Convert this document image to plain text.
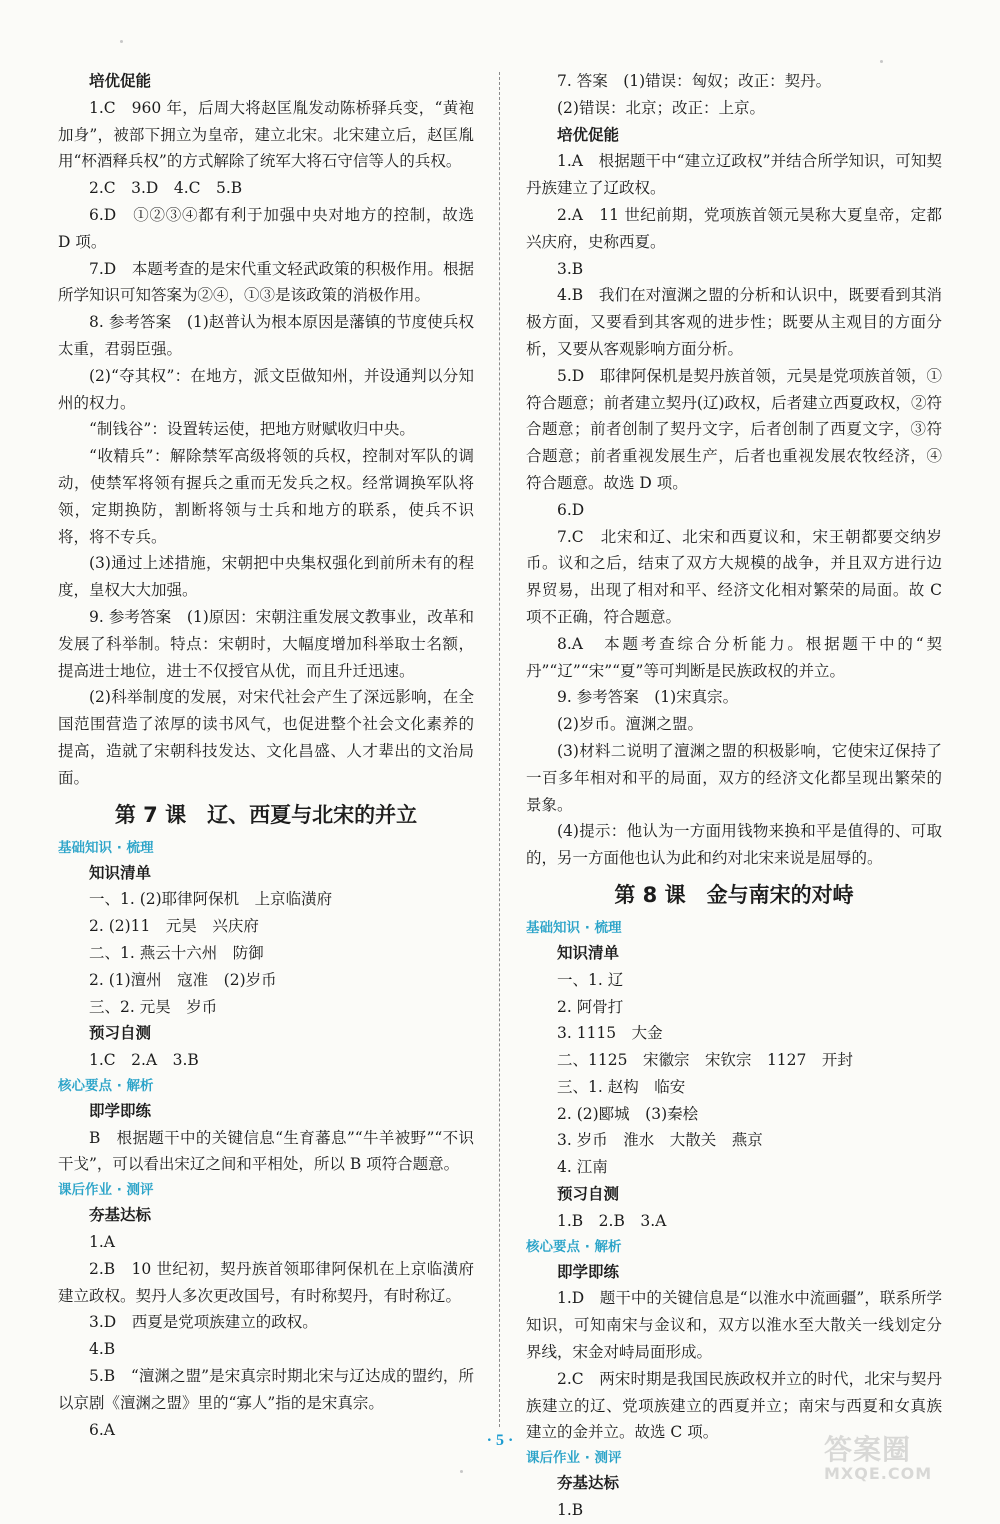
培优促能

1.C　960 年，后周大将赵匡胤发动陈桥驿兵变，“黄袍加身”，被部下拥立为皇帝，建立北宋。北宋建立后，赵匡胤用“杯酒释兵权”的方式解除了统军大将石守信等人的兵权。

2.C　3.D　4.C　5.B

6.D　①②③④都有利于加强中央对地方的控制，故选 D 项。

7.D　本题考查的是宋代重文轻武政策的积极作用。根据所学知识可知答案为②④，①③是该政策的消极作用。

8. 参考答案　(1)赵普认为根本原因是藩镇的节度使兵权太重，君弱臣强。

(2)“夺其权”：在地方，派文臣做知州，并设通判以分知州的权力。

“制钱谷”：设置转运使，把地方财赋收归中央。

“收精兵”：解除禁军高级将领的兵权，控制对军队的调动，使禁军将领有握兵之重而无发兵之权。经常调换军队将领，定期换防，割断将领与士兵和地方的联系，使兵不识将，将不专兵。

(3)通过上述措施，宋朝把中央集权强化到前所未有的程度，皇权大大加强。

9. 参考答案　(1)原因：宋朝注重发展文教事业，改革和发展了科举制。特点：宋朝时，大幅度增加科举取士名额，提高进士地位，进士不仅授官从优，而且升迁迅速。

(2)科举制度的发展，对宋代社会产生了深远影响，在全国范围营造了浓厚的读书风气，也促进整个社会文化素养的提高，造就了宋朝科技发达、文化昌盛、人才辈出的文治局面。

第 7 课　辽、西夏与北宋的并立

基础知识 · 梳理

知识清单

一、1. (2)耶律阿保机　上京临潢府

2. (2)11　元昊　兴庆府

二、1. 燕云十六州　防御

2. (1)澶州　寇准　(2)岁币

三、2. 元昊　岁币

预习自测

1.C　2.A　3.B

核心要点 · 解析

即学即练

B　根据题干中的关键信息“生育蕃息”“牛羊被野”“不识干戈”，可以看出宋辽之间和平相处，所以 B 项符合题意。

课后作业 · 测评

夯基达标

1.A

2.B　10 世纪初，契丹族首领耶律阿保机在上京临潢府建立政权。契丹人多次更改国号，有时称契丹，有时称辽。

3.D　西夏是党项族建立的政权。

4.B

5.B　“澶渊之盟”是宋真宗时期北宋与辽达成的盟约，所以京剧《澶渊之盟》里的“寡人”指的是宋真宗。

6.A

7. 答案　(1)错误：匈奴；改正：契丹。

(2)错误：北京；改正：上京。

培优促能

1.A　根据题干中“建立辽政权”并结合所学知识，可知契丹族建立了辽政权。

2.A　11 世纪前期，党项族首领元昊称大夏皇帝，定都兴庆府，史称西夏。

3.B

4.B　我们在对澶渊之盟的分析和认识中，既要看到其消极方面，又要看到其客观的进步性；既要从主观目的方面分析，又要从客观影响方面分析。

5.D　耶律阿保机是契丹族首领，元昊是党项族首领，①符合题意；前者建立契丹(辽)政权，后者建立西夏政权，②符合题意；前者创制了契丹文字，后者创制了西夏文字，③符合题意；前者重视发展生产，后者也重视发展农牧经济，④符合题意。故选 D 项。

6.D

7.C　北宋和辽、北宋和西夏议和，宋王朝都要交纳岁币。议和之后，结束了双方大规模的战争，并且双方进行边界贸易，出现了相对和平、经济文化相对繁荣的局面。故 C 项不正确，符合题意。

8.A　本题考查综合分析能力。根据题干中的“契丹”“辽”“宋”“夏”等可判断是民族政权的并立。

9. 参考答案　(1)宋真宗。

(2)岁币。澶渊之盟。

(3)材料二说明了澶渊之盟的积极影响，它使宋辽保持了一百多年相对和平的局面，双方的经济文化都呈现出繁荣的景象。

(4)提示：他认为一方面用钱物来换和平是值得的、可取的，另一方面他也认为此和约对北宋来说是屈辱的。

第 8 课　金与南宋的对峙

基础知识 · 梳理

知识清单

一、1. 辽

2. 阿骨打

3. 1115　大金

二、1125　宋徽宗　宋钦宗　1127　开封

三、1. 赵构　临安

2. (2)郾城　(3)秦桧

3. 岁币　淮水　大散关　燕京

4. 江南

预习自测

1.B　2.B　3.A

核心要点 · 解析

即学即练

1.D　题干中的关键信息是“以淮水中流画疆”，联系所学知识，可知南宋与金议和，双方以淮水至大散关一线划定分界线，宋金对峙局面形成。

2.C　两宋时期是我国民族政权并立的时代，北宋与契丹族建立的辽、党项族建立的西夏并立；南宋与西夏和女真族建立的金并立。故选 C 项。

课后作业 · 测评

夯基达标

1.B

· 5 ·	答案圈
MXQE.COM
